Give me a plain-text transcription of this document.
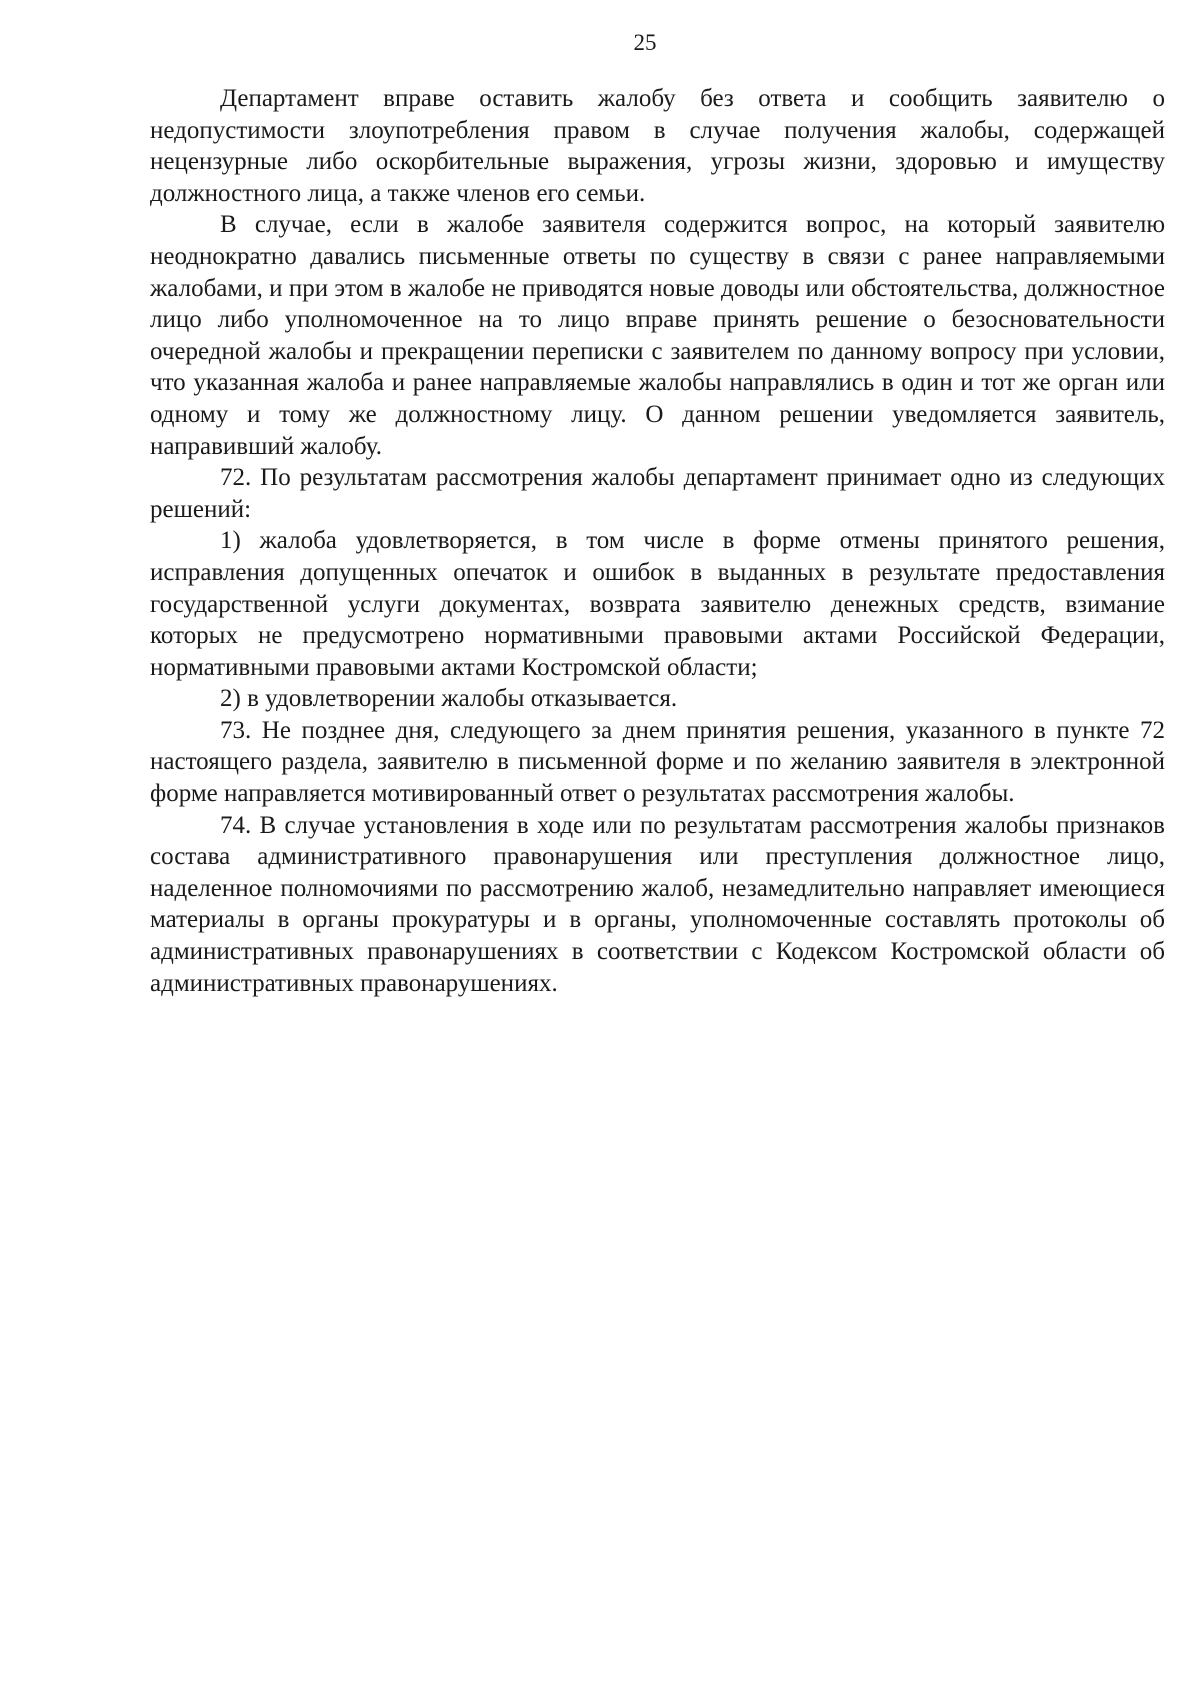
25

Департамент вправе оставить жалобу без ответа и сообщить заявителю о недопустимости злоупотребления правом в случае получения жалобы, содержащей нецензурные либо оскорбительные выражения, угрозы жизни, здоровью и имуществу должностного лица, а также членов его семьи.

В случае, если в жалобе заявителя содержится вопрос, на который заявителю неоднократно давались письменные ответы по существу в связи с ранее направляемыми жалобами, и при этом в жалобе не приводятся новые доводы или обстоятельства, должностное лицо либо уполномоченное на то лицо вправе принять решение о безосновательности очередной жалобы и прекращении переписки с заявителем по данному вопросу при условии, что указанная жалоба и ранее направляемые жалобы направлялись в один и тот же орган или одному и тому же должностному лицу. О данном решении уведомляется заявитель, направивший жалобу.

72. По результатам рассмотрения жалобы департамент принимает одно из следующих решений:

1) жалоба удовлетворяется, в том числе в форме отмены принятого решения, исправления допущенных опечаток и ошибок в выданных в результате предоставления государственной услуги документах, возврата заявителю денежных средств, взимание которых не предусмотрено нормативными правовыми актами Российской Федерации, нормативными правовыми актами Костромской области;

2) в удовлетворении жалобы отказывается.

73. Не позднее дня, следующего за днем принятия решения, указанного в пункте 72 настоящего раздела, заявителю в письменной форме и по желанию заявителя в электронной форме направляется мотивированный ответ о результатах рассмотрения жалобы.

74. В случае установления в ходе или по результатам рассмотрения жалобы признаков состава административного правонарушения или преступления должностное лицо, наделенное полномочиями по рассмотрению жалоб, незамедлительно направляет имеющиеся материалы в органы прокуратуры и в органы, уполномоченные составлять протоколы об административных правонарушениях в соответствии с Кодексом Костромской области об административных правонарушениях.
